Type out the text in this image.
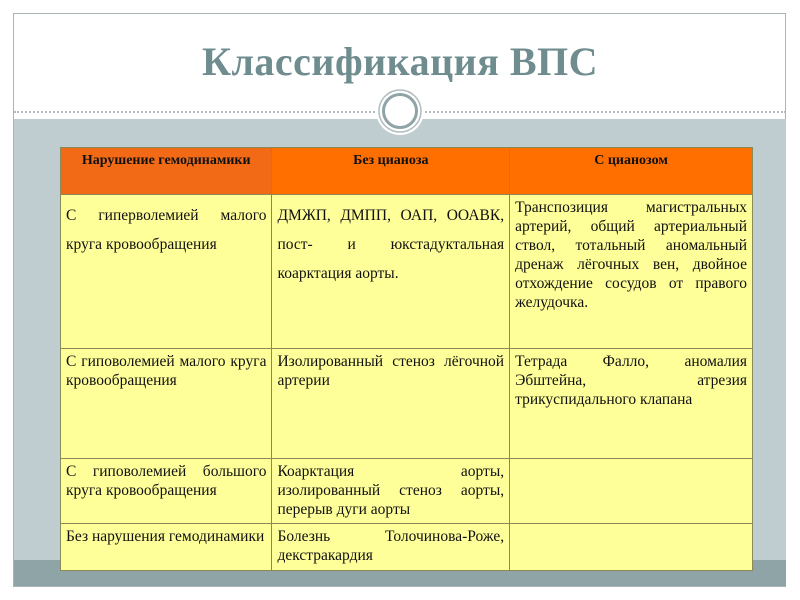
Классификация ВПС
Нарушение гемодинамики	Без цианоза	С цианозом
С гиперволемией малого круга кровообращения	ДМЖП, ДМПП, ОАП, ООАВК, пост- и юкстадуктальная коарктация аорты.	Транспозиция магистральных артерий, общий артериальный ствол, тотальный аномальный дренаж лёгочных вен, двойное отхождение сосудов от правого желудочка.
С гиповолемией малого круга кровообращения	Изолированный стеноз лёгочной артерии	Тетрада Фалло, аномалия Эбштейна, атрезия трикуспидального клапана
С гиповолемией большого круга кровообращения	Коарктация аорты, изолированный стеноз аорты, перерыв дуги аорты	
Без нарушения гемодинамики	Болезнь Толочинова-Роже, декстракардия	
